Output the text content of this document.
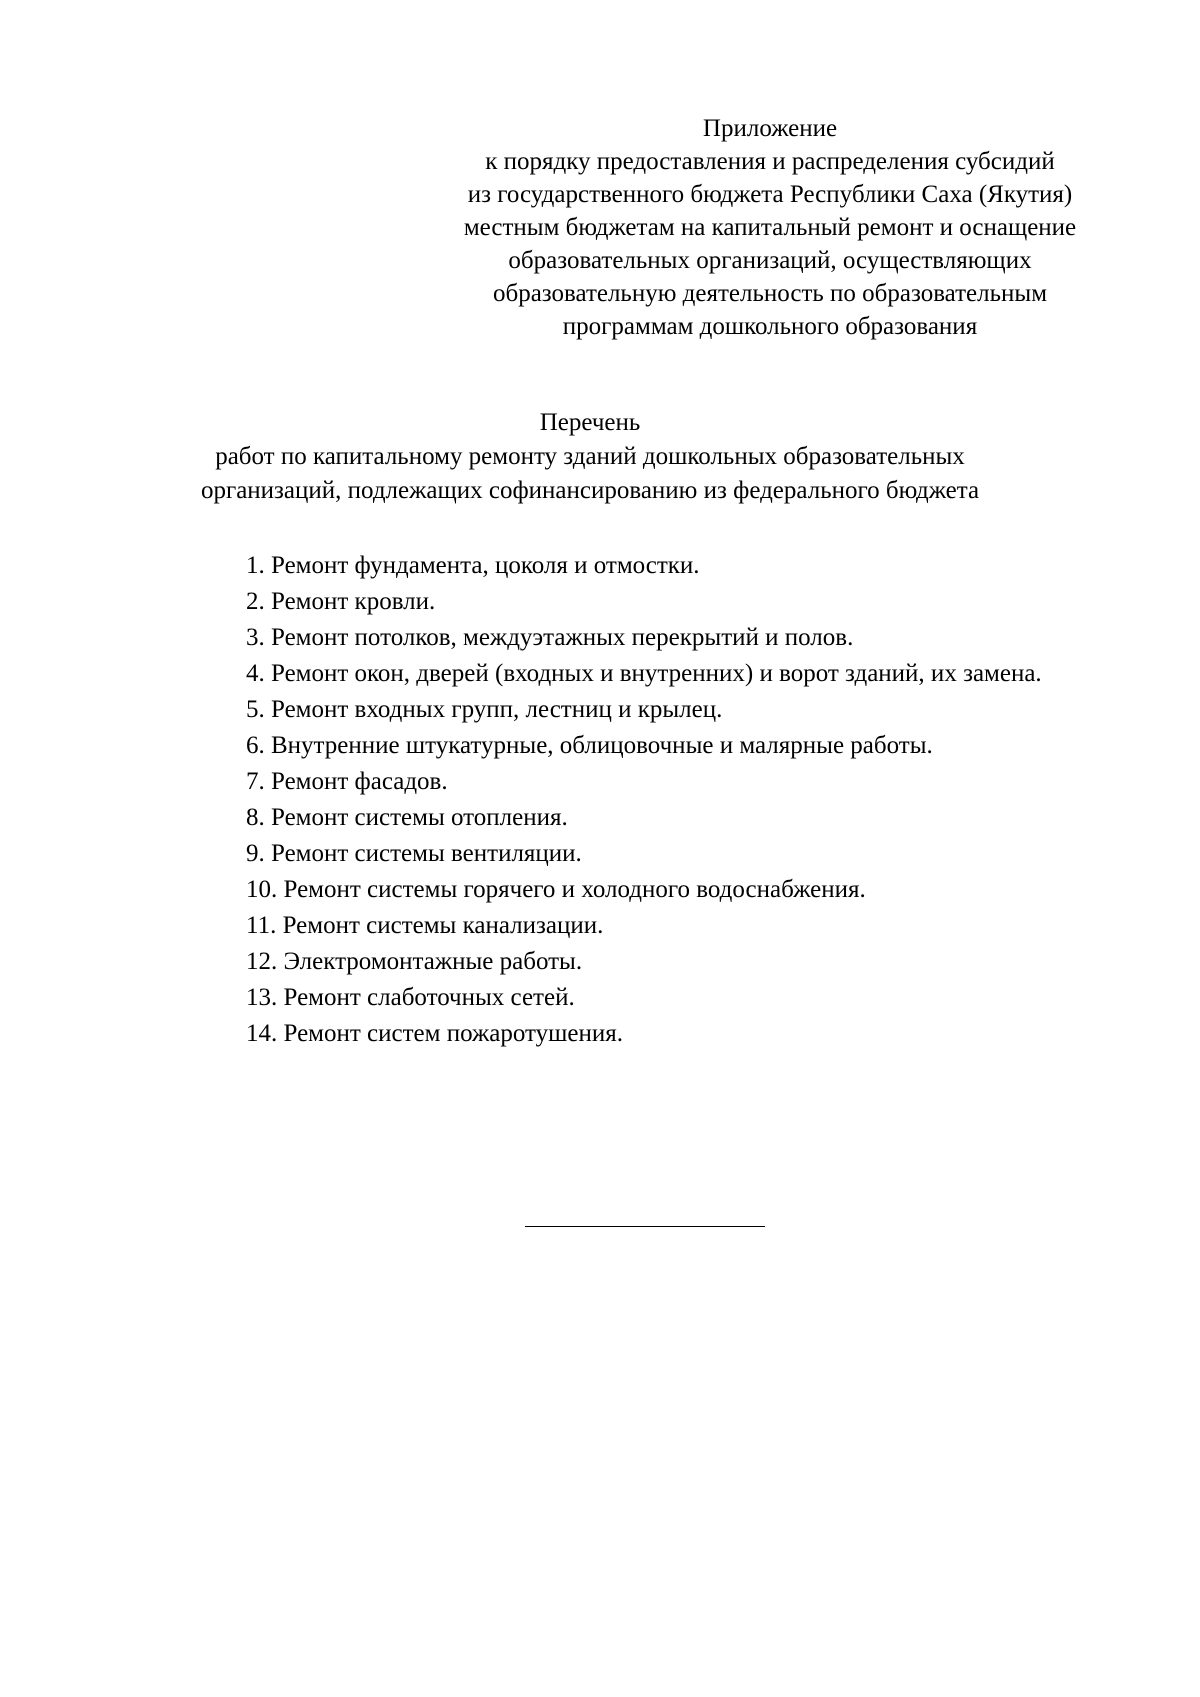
Приложение
к порядку предоставления и распределения субсидий
из государственного бюджета Республики Саха (Якутия)
местным бюджетам на капитальный ремонт и оснащение
образовательных организаций, осуществляющих
образовательную деятельность по образовательным
программам дошкольного образования
Перечень
работ по капитальному ремонту зданий дошкольных образовательных
организаций, подлежащих софинансированию из федерального бюджета
1. Ремонт фундамента, цоколя и отмостки.
2. Ремонт кровли.
3. Ремонт потолков, междуэтажных перекрытий и полов.
4. Ремонт окон, дверей (входных и внутренних) и ворот зданий, их замена.
5. Ремонт входных групп, лестниц и крылец.
6. Внутренние штукатурные, облицовочные и малярные работы.
7. Ремонт фасадов.
8. Ремонт системы отопления.
9. Ремонт системы вентиляции.
10. Ремонт системы горячего и холодного водоснабжения.
11. Ремонт системы канализации.
12. Электромонтажные работы.
13. Ремонт слаботочных сетей.
14. Ремонт систем пожаротушения.
